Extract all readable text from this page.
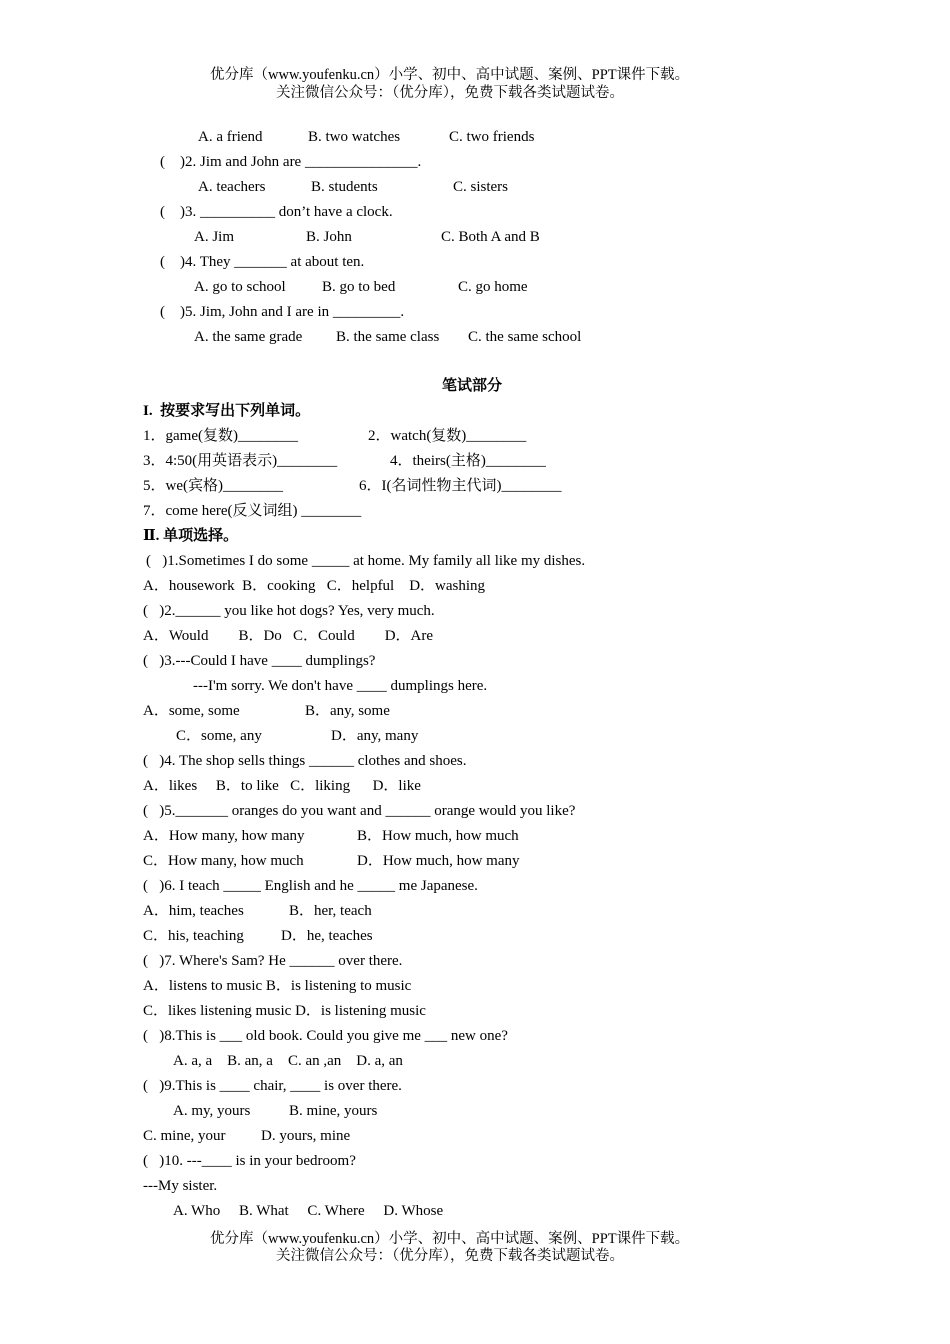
优分库（www.youfenku.cn）小学、初中、高中试题、案例、PPT课件下载。
关注微信公众号：（优分库），免费下载各类试题试卷。
A. a friend	B. two watches	C. two friends
(    )2. Jim and John are _______________.
A. teachers	B. students	C. sisters
(    )3. __________ don’t have a clock.
A. Jim	B. John	C. Both A and B
(    )4. They _______ at about ten.
A. go to school B. go to bed	C. go home
(    )5. Jim, John and I are in _________.
A. the same grade B. the same class C. the same school
笔试部分
I.  按要求写出下列单词。
1．game(复数)________	2．watch(复数)________
3．4:50(用英语表示)________	4．theirs(主格)________
5．we(宾格)________	6．I(名词性物主代词)________
7．come here(反义词组) ________
Ⅱ. 单项选择。
(   )1.Sometimes I do some _____ at home. My family all like my dishes.
A．housework  B．cooking   C．helpful    D．washing
(   )2.______ you like hot dogs? Yes, very much.
A．Would        B．Do   C．Could        D．Are
(   )3.---Could I have ____ dumplings?
---I'm sorry. We don't have ____ dumplings here.
A．some, some	B．any, some
C．some, any	D．any, many
(   )4. The shop sells things ______ clothes and shoes.
A．likes     B．to like   C．liking      D．like
(   )5._______ oranges do you want and ______ orange would you like?
A．How many, how many	B．How much, how much
C．How many, how much	D．How much, how many
(   )6. I teach _____ English and he _____ me Japanese.
A．him, teaches	B．her, teach
C．his, teaching D．he, teaches
(   )7. Where's Sam? He ______ over there.
A．listens to music B．is listening to music
C．likes listening music D．is listening music
(   )8.This is ___ old book. Could you give me ___ new one?
A. a, a    B. an, a    C. an ,an    D. a, an
(   )9.This is ____ chair, ____ is over there.
A. my, yours	B. mine, yours
C. mine, your D. yours, mine
(   )10. ---____ is in your bedroom?
---My sister.
A. Who     B. What     C. Where     D. Whose
优分库（www.youfenku.cn）小学、初中、高中试题、案例、PPT课件下载。
关注微信公众号：（优分库），免费下载各类试题试卷。
